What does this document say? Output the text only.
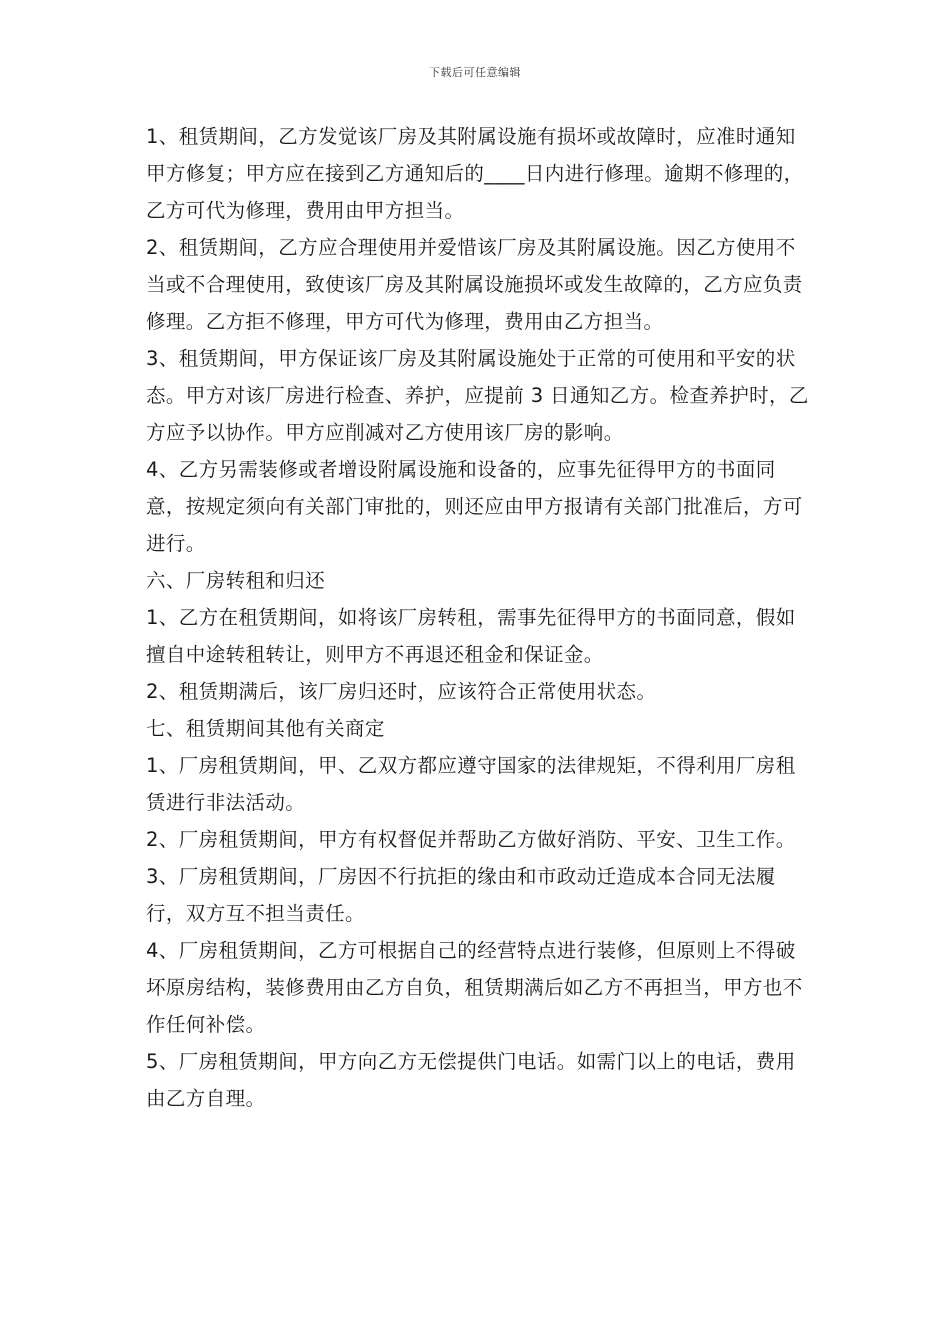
下载后可任意编辑

1、租赁期间，乙方发觉该厂房及其附属设施有损坏或故障时，应准时通知甲方修复；甲方应在接到乙方通知后的____日内进行修理。逾期不修理的，乙方可代为修理，费用由甲方担当。

2、租赁期间，乙方应合理使用并爱惜该厂房及其附属设施。因乙方使用不当或不合理使用，致使该厂房及其附属设施损坏或发生故障的，乙方应负责修理。乙方拒不修理，甲方可代为修理，费用由乙方担当。

3、租赁期间，甲方保证该厂房及其附属设施处于正常的可使用和平安的状态。甲方对该厂房进行检查、养护，应提前 3 日通知乙方。检查养护时，乙方应予以协作。甲方应削减对乙方使用该厂房的影响。

4、乙方另需装修或者增设附属设施和设备的，应事先征得甲方的书面同意，按规定须向有关部门审批的，则还应由甲方报请有关部门批准后，方可进行。

六、厂房转租和归还

1、乙方在租赁期间，如将该厂房转租，需事先征得甲方的书面同意，假如擅自中途转租转让，则甲方不再退还租金和保证金。

2、租赁期满后，该厂房归还时，应该符合正常使用状态。

七、租赁期间其他有关商定

1、厂房租赁期间，甲、乙双方都应遵守国家的法律规矩，不得利用厂房租赁进行非法活动。

2、厂房租赁期间，甲方有权督促并帮助乙方做好消防、平安、卫生工作。

3、厂房租赁期间，厂房因不行抗拒的缘由和市政动迁造成本合同无法履行，双方互不担当责任。

4、厂房租赁期间，乙方可根据自己的经营特点进行装修，但原则上不得破坏原房结构，装修费用由乙方自负，租赁期满后如乙方不再担当，甲方也不作任何补偿。

5、厂房租赁期间，甲方向乙方无偿提供门电话。如需门以上的电话，费用由乙方自理。
